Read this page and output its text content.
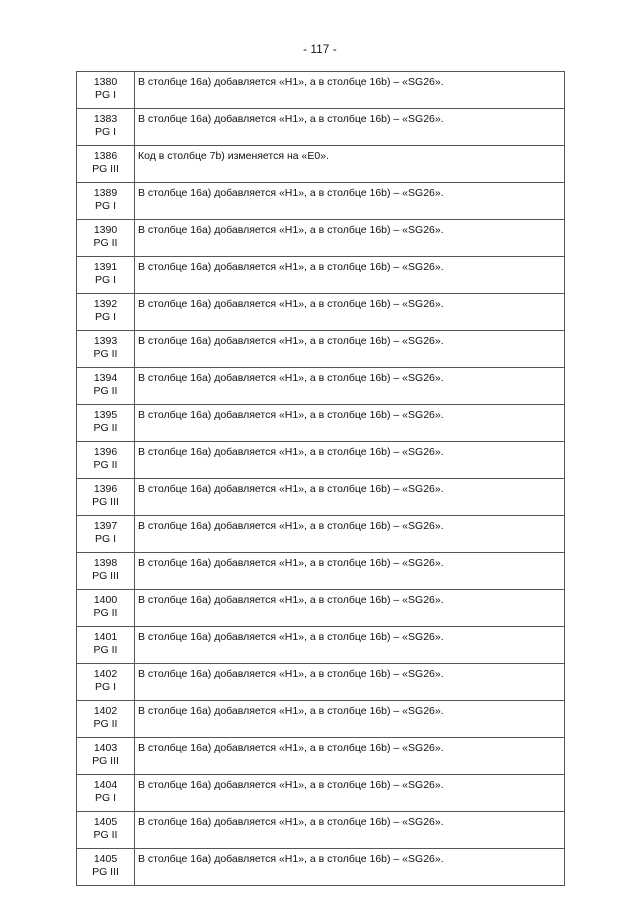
- 117 -
1380
PG I	В столбце 16a) добавляется «H1», а в столбце 16b) – «SG26».

1383
PG I	В столбце 16a) добавляется «H1», а в столбце 16b) – «SG26».

1386
PG III	Код в столбце 7b) изменяется на «E0».

1389
PG I	В столбце 16a) добавляется «H1», а в столбце 16b) – «SG26».

1390
PG II	В столбце 16a) добавляется «H1», а в столбце 16b) – «SG26».

1391
PG I	В столбце 16a) добавляется «H1», а в столбце 16b) – «SG26».

1392
PG I	В столбце 16a) добавляется «H1», а в столбце 16b) – «SG26».

1393
PG II	В столбце 16a) добавляется «H1», а в столбце 16b) – «SG26».

1394
PG II	В столбце 16a) добавляется «H1», а в столбце 16b) – «SG26».

1395
PG II	В столбце 16a) добавляется «H1», а в столбце 16b) – «SG26».

1396
PG II	В столбце 16a) добавляется «H1», а в столбце 16b) – «SG26».

1396
PG III	В столбце 16a) добавляется «H1», а в столбце 16b) – «SG26».

1397
PG I	В столбце 16a) добавляется «H1», а в столбце 16b) – «SG26».

1398
PG III	В столбце 16a) добавляется «H1», а в столбце 16b) – «SG26».

1400
PG II	В столбце 16a) добавляется «H1», а в столбце 16b) – «SG26».

1401
PG II	В столбце 16a) добавляется «H1», а в столбце 16b) – «SG26».

1402
PG I	В столбце 16a) добавляется «H1», а в столбце 16b) – «SG26».

1402
PG II	В столбце 16a) добавляется «H1», а в столбце 16b) – «SG26».

1403
PG III	В столбце 16a) добавляется «H1», а в столбце 16b) – «SG26».

1404
PG I	В столбце 16a) добавляется «H1», а в столбце 16b) – «SG26».

1405
PG II	В столбце 16a) добавляется «H1», а в столбце 16b) – «SG26».

1405
PG III	В столбце 16a) добавляется «H1», а в столбце 16b) – «SG26».
